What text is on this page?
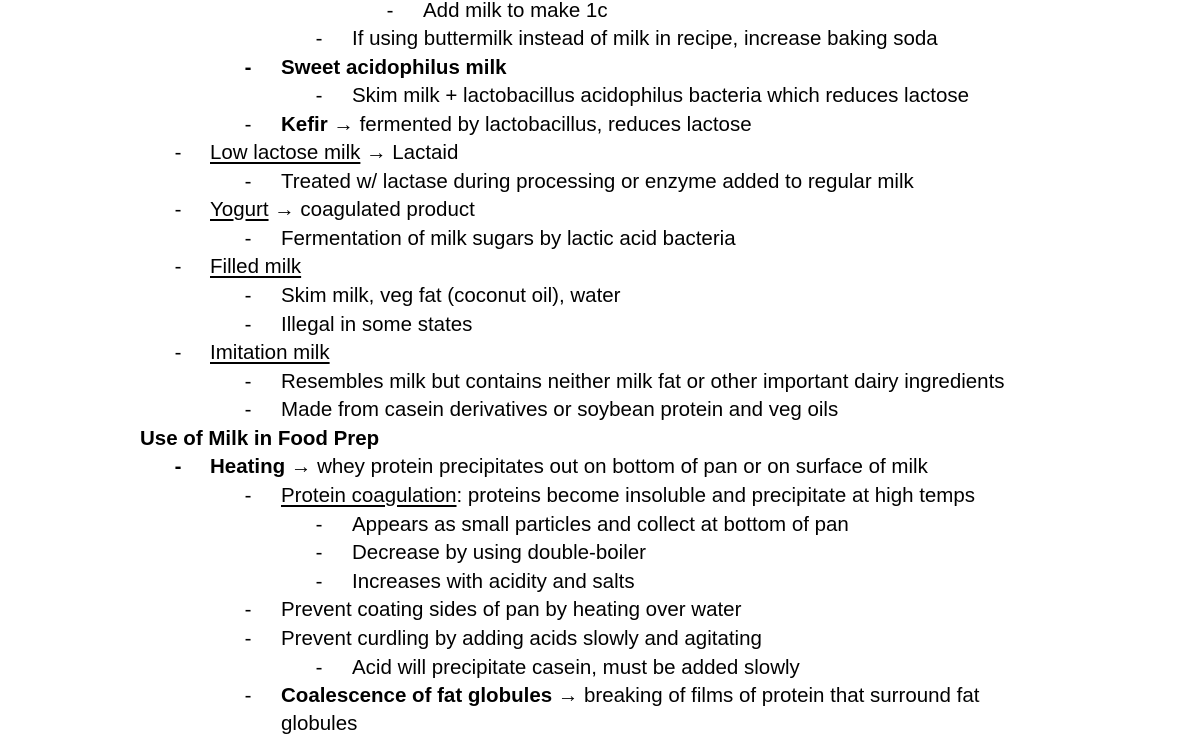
-	Add milk to make 1c
-	If using buttermilk instead of milk in recipe, increase baking soda
-	Sweet acidophilus milk
-	Skim milk + lactobacillus acidophilus bacteria which reduces lactose
-	Kefir → fermented by lactobacillus, reduces lactose
-	Low lactose milk → Lactaid
-	Treated w/ lactase during processing or enzyme added to regular milk
-	Yogurt → coagulated product
-	Fermentation of milk sugars by lactic acid bacteria
-	Filled milk
-	Skim milk, veg fat (coconut oil), water
-	Illegal in some states
-	Imitation milk
-	Resembles milk but contains neither milk fat or other important dairy ingredients
-	Made from casein derivatives or soybean protein and veg oils
Use of Milk in Food Prep
-	Heating → whey protein precipitates out on bottom of pan or on surface of milk
-	Protein coagulation: proteins become insoluble and precipitate at high temps
-	Appears as small particles and collect at bottom of pan
-	Decrease by using double-boiler
-	Increases with acidity and salts
-	Prevent coating sides of pan by heating over water
-	Prevent curdling by adding acids slowly and agitating
-	Acid will precipitate casein, must be added slowly
-	Coalescence of fat globules → breaking of films of protein that surround fat
globules
